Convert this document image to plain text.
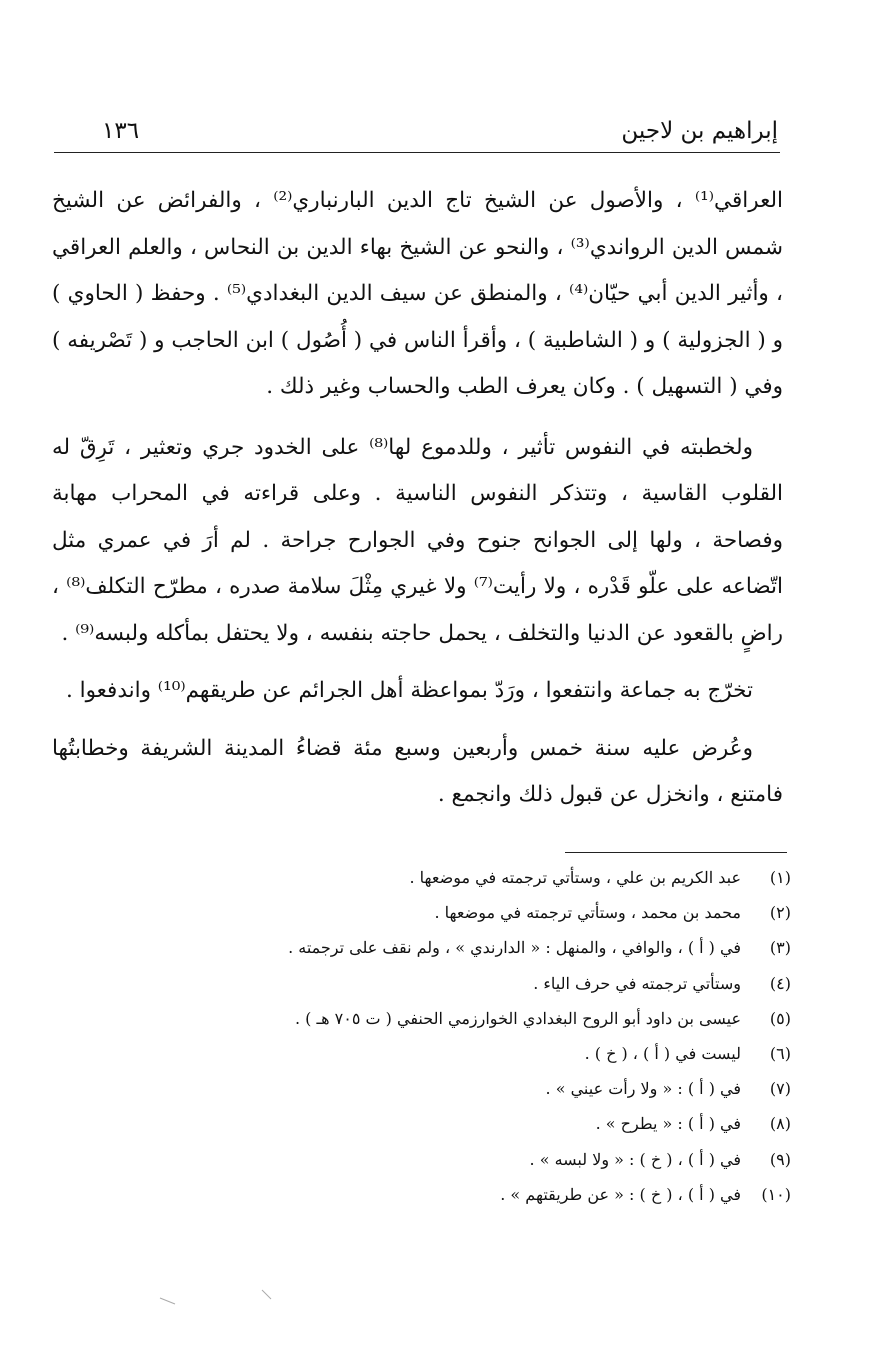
إبراهيم بن لاجين
١٣٦

العراقي⁽¹⁾ ، والأصول عن الشيخ تاج الدين البارنباري⁽²⁾ ، والفرائض عن الشيخ شمس الدين الرواندي⁽³⁾ ، والنحو عن الشيخ بهاء الدين بن النحاس ، والعلم العراقي ، وأثير الدين أبي حيّان⁽⁴⁾ ، والمنطق عن سيف الدين البغدادي⁽⁵⁾ . وحفظ ( الحاوي ) و ( الجزولية ) و ( الشاطبية ) ، وأقرأ الناس في ( أُصُول ) ابن الحاجب و ( تَصْريفه ) وفي ( التسهيل ) . وكان يعرف الطب والحساب وغير ذلك .

ولخطبته في النفوس تأثير ، وللدموع لها⁽⁸⁾ على الخدود جري وتعثير ، تَرِقّ له القلوب القاسية ، وتتذكر النفوس الناسية . وعلى قراءته في المحراب مهابة وفصاحة ، ولها إلى الجوانح جنوح وفي الجوارح جراحة . لم أرَ في عمري مثل اتّضاعه على علّو قَدْره ، ولا رأيت⁽⁷⁾ ولا غيري مِثْلَ سلامة صدره ، مطرّح التكلف⁽⁸⁾ ، راضٍ بالقعود عن الدنيا والتخلف ، يحمل حاجته بنفسه ، ولا يحتفل بمأكله ولبسه⁽⁹⁾ .

تخرّج به جماعة وانتفعوا ، ورَدّ بمواعظة أهل الجرائم عن طريقهم⁽¹⁰⁾ واندفعوا .

وعُرض عليه سنة خمس وأربعين وسبع مئة قضاءُ المدينة الشريفة وخطابتُها فامتنع ، وانخزل عن قبول ذلك وانجمع .

(١)
عبد الكريم بن علي ، وستأتي ترجمته في موضعها .
(٢)
محمد بن محمد ، وستأتي ترجمته في موضعها .
(٣)
في ( أ ) ، والوافي ، والمنهل : « الدارندي » ، ولم نقف على ترجمته .
(٤)
وستأتي ترجمته في حرف الياء .
(٥)
عيسى بن داود أبو الروح البغدادي الخوارزمي الحنفي ( ت ٧٠٥ هـ ) .
(٦)
ليست في ( أ ) ، ( خ ) .
(٧)
في ( أ ) : « ولا رأت عيني » .
(٨)
في ( أ ) : « يطرح » .
(٩)
في ( أ ) ، ( خ ) : « ولا لبسه » .
(١٠)
في ( أ ) ، ( خ ) : « عن طريقتهم » .
